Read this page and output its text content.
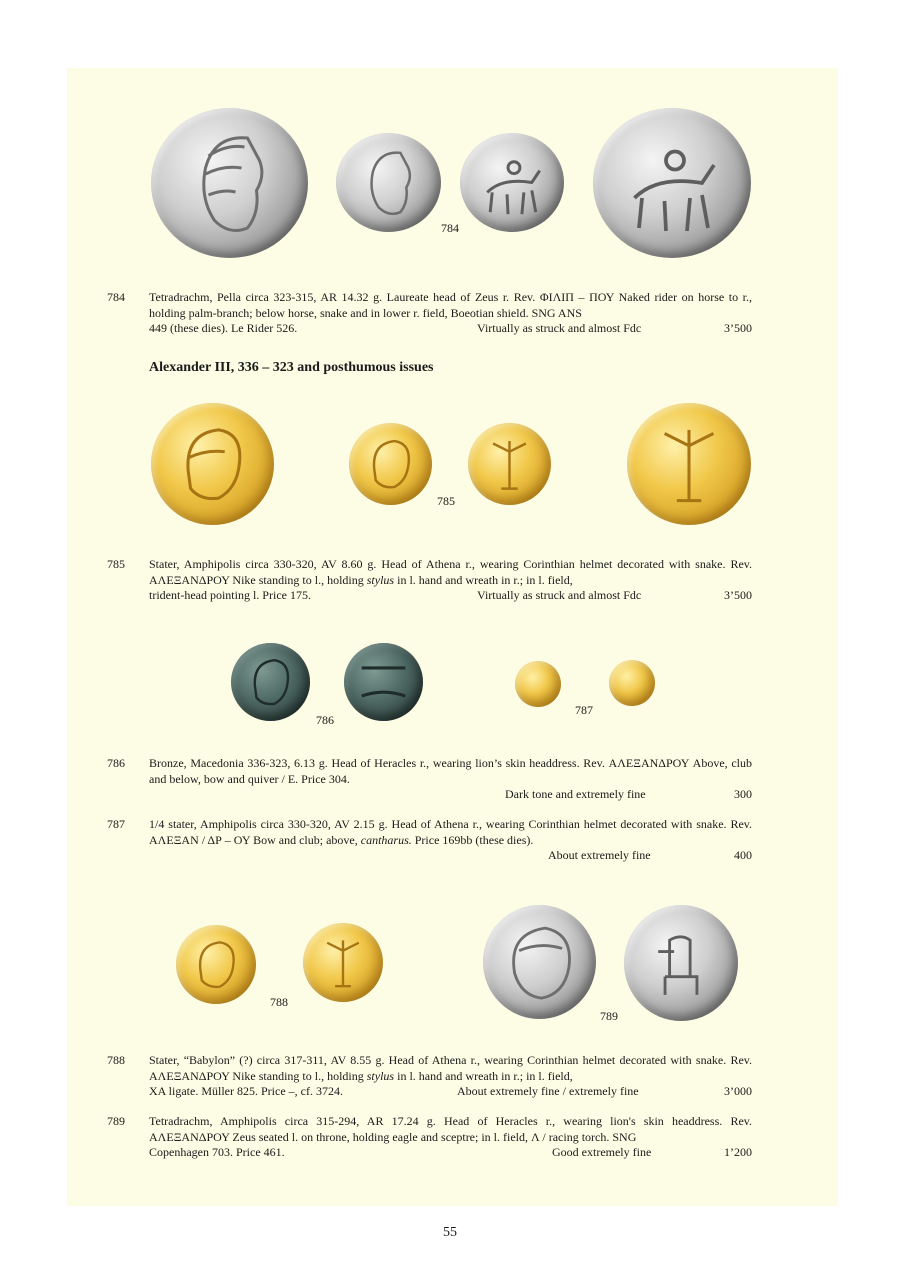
784
784 Tetradrachm, Pella circa 323-315, AR 14.32 g. Laureate head of Zeus r. Rev. ΦΙΛΙΠ – ΠΟΥ Naked rider on horse to r., holding palm-branch; below horse, snake and in lower r. field, Boeotian shield. SNG ANS
449 (these dies). Le Rider 526.	Virtually as struck and almost Fdc	3’500
Alexander III, 336 – 323 and posthumous issues
785
785 Stater, Amphipolis circa 330-320, AV 8.60 g. Head of Athena r., wearing Corinthian helmet decorated with snake. Rev. ΑΛΕΞΑΝΔΡΟΥ Nike standing to l., holding stylus in l. hand and wreath in r.; in l. field,
trident-head pointing l. Price 175.	Virtually as struck and almost Fdc	3’500
786
787
786 Bronze, Macedonia 336-323, 6.13 g. Head of Heracles r., wearing lion’s skin headdress. Rev. ΑΛΕΞΑΝΔΡΟΥ Above, club and below, bow and quiver / Ε. Price 304.
Dark tone and extremely fine	300
787 1/4 stater, Amphipolis circa 330-320, AV 2.15 g. Head of Athena r., wearing Corinthian helmet decorated with snake. Rev. ΑΛΕΞΑΝ / ΔΡ – ΟΥ Bow and club; above, cantharus. Price 169bb (these dies).
About extremely fine	400
788
789
788 Stater, “Babylon” (?) circa 317-311, AV 8.55 g. Head of Athena r., wearing Corinthian helmet decorated with snake. Rev. ΑΛΕΞΑΝΔΡΟΥ Nike standing to l., holding stylus in l. hand and wreath in r.; in l. field,
ΧΑ ligate. Müller 825. Price –, cf. 3724.	About extremely fine / extremely fine	3’000
789 Tetradrachm, Amphipolis circa 315-294, AR 17.24 g. Head of Heracles r., wearing lion's skin headdress. Rev. ΑΛΕΞΑΝΔΡΟΥ Zeus seated l. on throne, holding eagle and sceptre; in l. field, Λ / racing torch. SNG
Copenhagen 703. Price 461.	Good extremely fine	1’200
55
